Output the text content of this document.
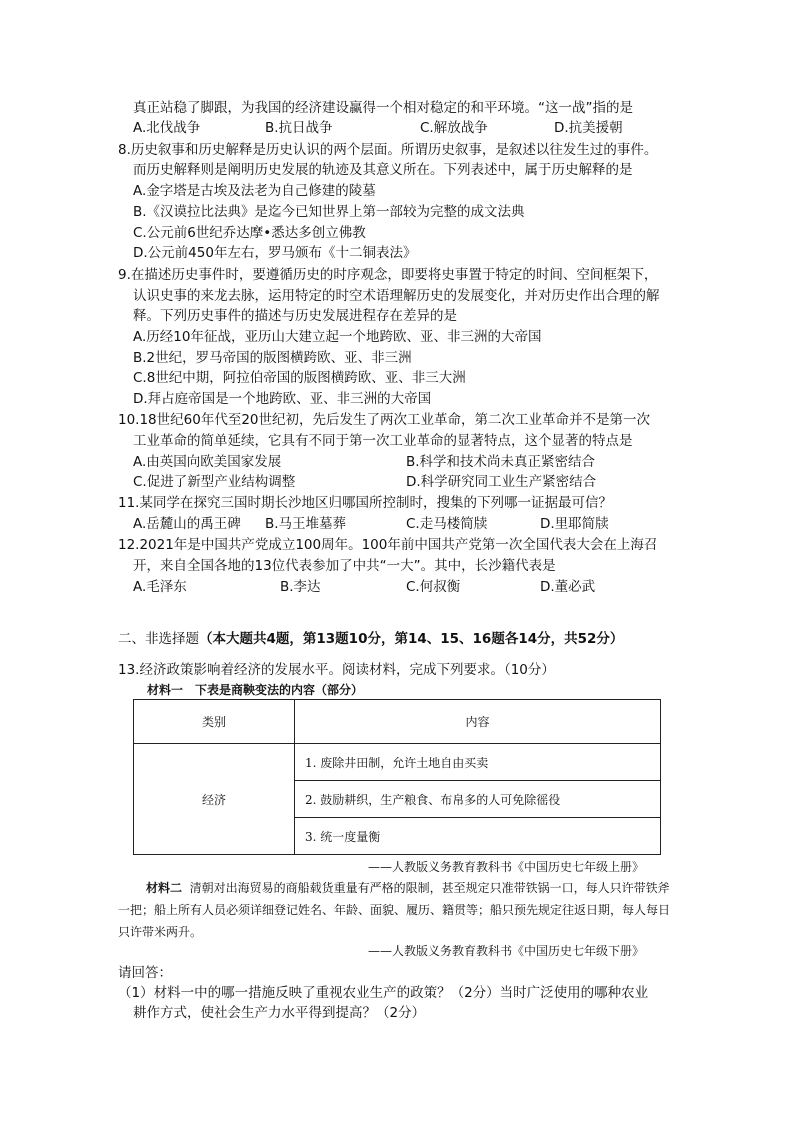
真正站稳了脚跟，为我国的经济建设赢得一个相对稳定的和平环境。“这一战”指的是
A.北伐战争	B.抗日战争	C.解放战争	D.抗美援朝
8.历史叙事和历史解释是历史认识的两个层面。所谓历史叙事，是叙述以往发生过的事件。
而历史解释则是阐明历史发展的轨迹及其意义所在。下列表述中，属于历史解释的是
A.金字塔是古埃及法老为自己修建的陵墓
B.《汉谟拉比法典》是迄今已知世界上第一部较为完整的成文法典
C.公元前6世纪乔达摩•悉达多创立佛教
D.公元前450年左右，罗马颁布《十二铜表法》
9.在描述历史事件时，要遵循历史的时序观念，即要将史事置于特定的时间、空间框架下，
认识史事的来龙去脉，运用特定的时空术语理解历史的发展变化，并对历史作出合理的解
释。下列历史事件的描述与历史发展进程存在差异的是
A.历经10年征战，亚历山大建立起一个地跨欧、亚、非三洲的大帝国
B.2世纪，罗马帝国的版图横跨欧、亚、非三洲
C.8世纪中期，阿拉伯帝国的版图横跨欧、亚、非三大洲
D.拜占庭帝国是一个地跨欧、亚、非三洲的大帝国
10.18世纪60年代至20世纪初，先后发生了两次工业革命，第二次工业革命并不是第一次
工业革命的简单延续，它具有不同于第一次工业革命的显著特点，这个显著的特点是
A.由英国向欧美国家发展	B.科学和技术尚未真正紧密结合
C.促进了新型产业结构调整	D.科学研究同工业生产紧密结合
11.某同学在探究三国时期长沙地区归哪国所控制时，搜集的下列哪一证据最可信？
A.岳麓山的禹王碑 B.马王堆墓葬	C.走马楼简牍	D.里耶简牍
12.2021年是中国共产党成立100周年。100年前中国共产党第一次全国代表大会在上海召
开，来自全国各地的13位代表参加了中共“一大”。其中，长沙籍代表是
A.毛泽东	B.李达	C.何叔衡	D.董必武
二、非选择题（本大题共4题，第13题10分，第14、15、16题各14分，共52分）
13.经济政策影响着经济的发展水平。阅读材料，完成下列要求。（10分）
材料一　下表是商鞅变法的内容（部分）
类别	内容
经济	1. 废除井田制，允许土地自由买卖
	2. 鼓励耕织，生产粮食、布帛多的人可免除徭役
	3. 统一度量衡
——人教版义务教育教科书《中国历史七年级上册》
材料二 清朝对出海贸易的商船载货重量有严格的限制，甚至规定只准带铁锅一口，每人只许带铁斧一把；船上所有人员必须详细登记姓名、年龄、面貌、履历、籍贯等；船只预先规定往返日期，每人每日只许带米两升。
——人教版义务教育教科书《中国历史七年级下册》
请回答：
（1）材料一中的哪一措施反映了重视农业生产的政策？（2分）当时广泛使用的哪种农业
耕作方式，使社会生产力水平得到提高？（2分）
